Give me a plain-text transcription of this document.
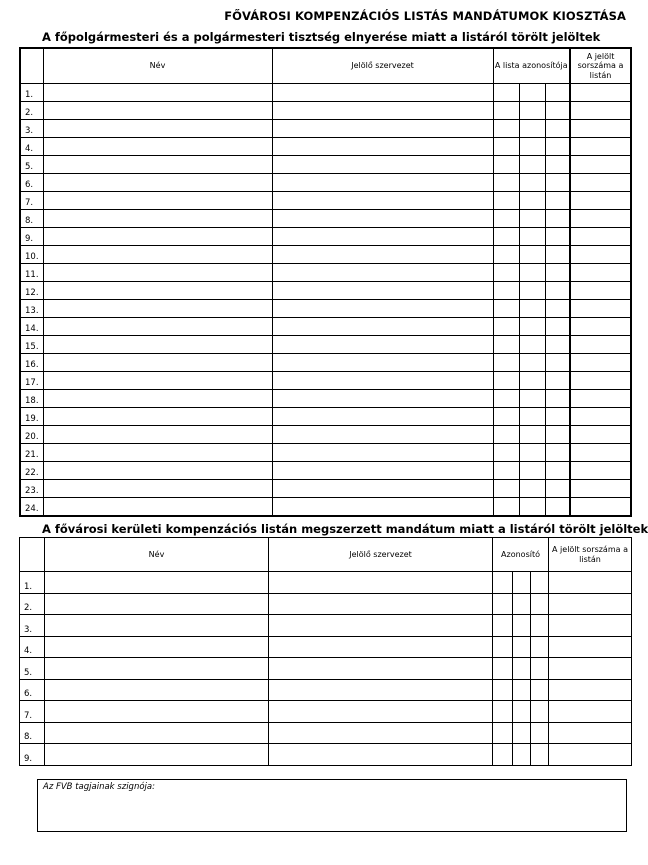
FŐVÁROSI KOMPENZÁCIÓS LISTÁS MANDÁTUMOK KIOSZTÁSA
A főpolgármesteri és a polgármesteri tisztség elnyerése miatt a listáról törölt jelöltek
	Név	Jelölő szervezet	A lista azonosítója			A jelölt sorszáma a listán
1.						
2.						
3.						
4.						
5.						
6.						
7.						
8.						
9.						
10.						
11.						
12.						
13.						
14.						
15.						
16.						
17.						
18.						
19.						
20.						
21.						
22.						
23.						
24.						
A fővárosi kerületi kompenzációs listán megszerzett mandátum miatt a listáról törölt jelöltek
	Név	Jelölő szervezet	Azonosító			A jelölt sorszáma a listán
1.						
2.						
3.						
4.						
5.						
6.						
7.						
8.						
9.						
Az FVB tagjainak szignója:
